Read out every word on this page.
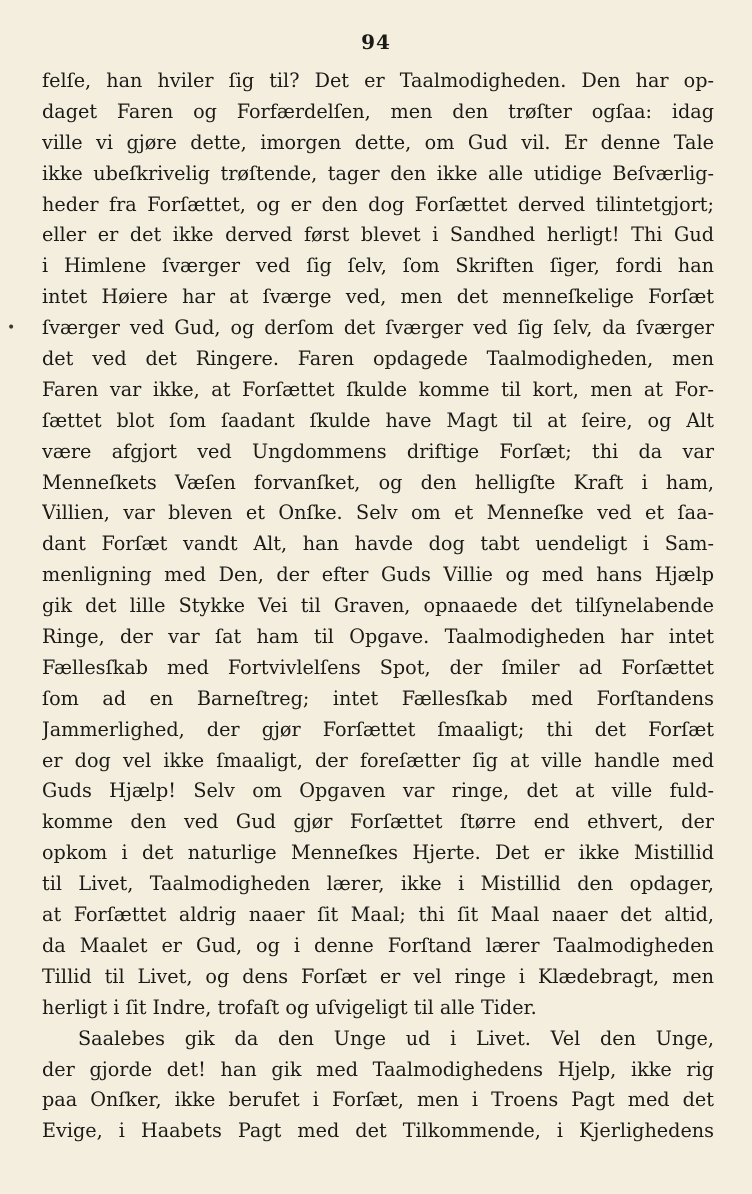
94
•
felſe, han hviler ſig til? Det er Taalmodigheden. Den har op-
daget Faren og Forfærdelſen, men den trøſter ogſaa: idag
ville vi gjøre dette, imorgen dette, om Gud vil. Er denne Tale
ikke ubeſkrivelig trøſtende, tager den ikke alle utidige Beſværlig-
heder fra Forſættet, og er den dog Forſættet derved tilintetgjort;
eller er det ikke derved først blevet i Sandhed herligt! Thi Gud
i Himlene ſværger ved ſig ſelv, ſom Skriften ſiger, fordi han
intet Høiere har at ſværge ved, men det menneſkelige Forſæt
ſværger ved Gud, og derſom det ſværger ved ſig ſelv, da ſværger
det ved det Ringere. Faren opdagede Taalmodigheden, men
Faren var ikke, at Forſættet ſkulde komme til kort, men at For-
ſættet blot ſom ſaadant ſkulde have Magt til at ſeire, og Alt
være afgjort ved Ungdommens driftige Forſæt; thi da var
Menneſkets Væſen forvanſket, og den helligſte Kraft i ham,
Villien, var bleven et Onſke. Selv om et Menneſke ved et ſaa-
dant Forſæt vandt Alt, han havde dog tabt uendeligt i Sam-
menligning med Den, der efter Guds Villie og med hans Hjælp
gik det lille Stykke Vei til Graven, opnaaede det tilſynelabende
Ringe, der var ſat ham til Opgave. Taalmodigheden har intet
Fællesſkab med Fortvivlelſens Spot, der ſmiler ad Forſættet
ſom ad en Barneſtreg; intet Fællesſkab med Forſtandens
Jammerlighed, der gjør Forſættet ſmaaligt; thi det Forſæt
er dog vel ikke ſmaaligt, der foreſætter ſig at ville handle med
Guds Hjælp! Selv om Opgaven var ringe, det at ville fuld-
komme den ved Gud gjør Forſættet ſtørre end ethvert, der
opkom i det naturlige Menneſkes Hjerte. Det er ikke Mistillid
til Livet, Taalmodigheden lærer, ikke i Mistillid den opdager,
at Forſættet aldrig naaer ſit Maal; thi ſit Maal naaer det altid,
da Maalet er Gud, og i denne Forſtand lærer Taalmodigheden
Tillid til Livet, og dens Forſæt er vel ringe i Klædebragt, men
herligt i ſit Indre, trofaſt og uſvigeligt til alle Tider.
Saalebes gik da den Unge ud i Livet. Vel den Unge,
der gjorde det! han gik med Taalmodighedens Hjelp, ikke rig
paa Onſker, ikke berufet i Forſæt, men i Troens Pagt med det
Evige, i Haabets Pagt med det Tilkommende, i Kjerlighedens
